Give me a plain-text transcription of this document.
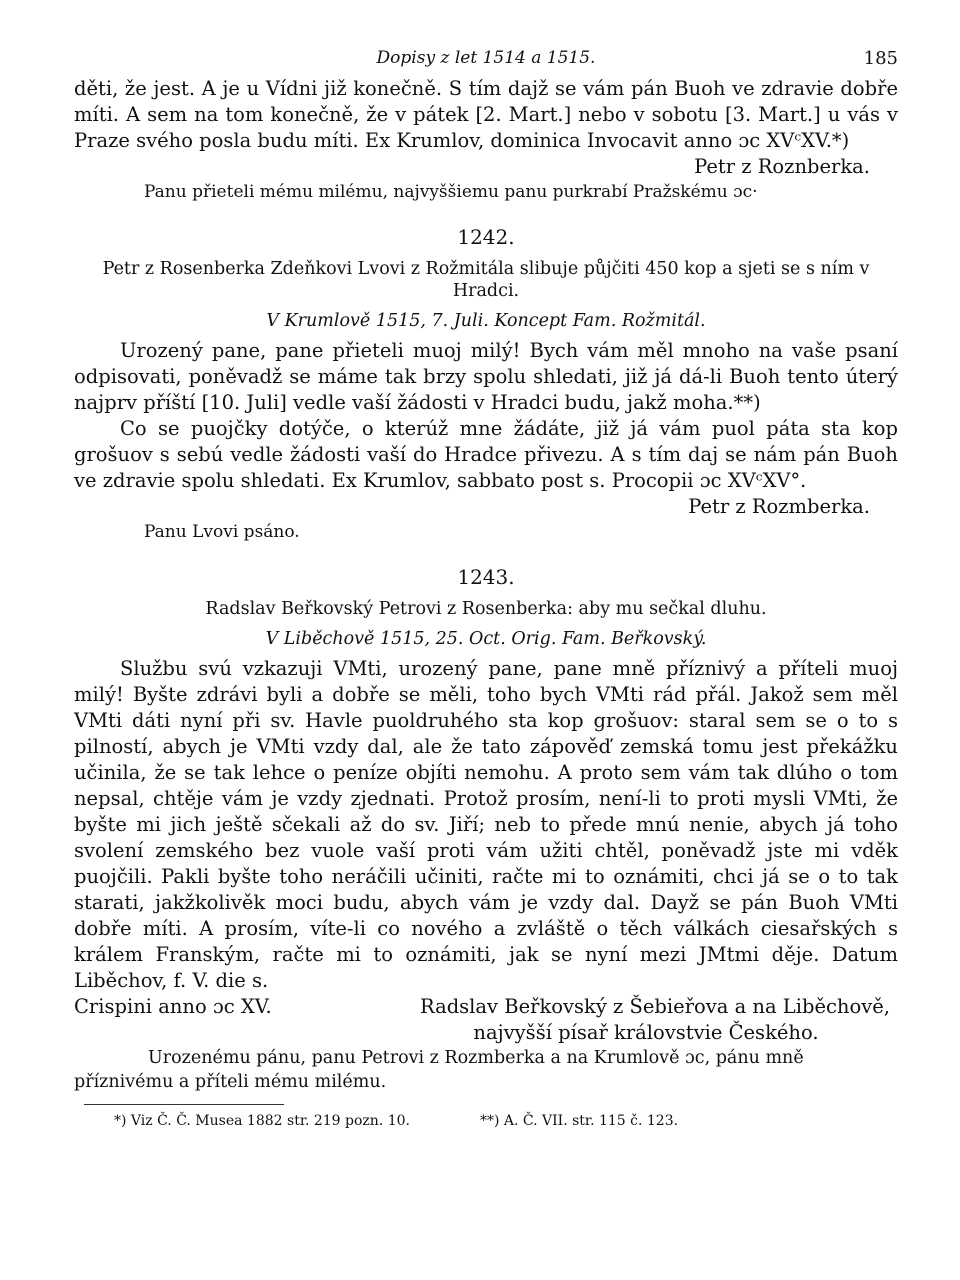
Dopisy z let 1514 a 1515.	185
děti, že jest. A je u Vídni již konečně. S tím dajž se vám pán Buoh ve zdravie dobře míti. A sem na tom konečně, že v pátek [2. Mart.] nebo v sobotu [3. Mart.] u vás v Praze svého posla budu míti. Ex Krumlov, dominica Invocavit anno ɔc XVᶜXV.*)
Petr z Roznberka.
Panu přieteli mému milému, najvyššiemu panu purkrabí Pražskému ɔc·
1242.
Petr z Rosenberka Zdeňkovi Lvovi z Rožmitála slibuje půjčiti 450 kop a sjeti se s ním v Hradci.
V Krumlově 1515, 7. Juli. Koncept Fam. Rožmitál.
Urozený pane, pane přieteli muoj milý! Bych vám měl mnoho na vaše psaní odpisovati, poněvadž se máme tak brzy spolu shledati, již já dá-li Buoh tento úterý najprv příští [10. Juli] vedle vaší žádosti v Hradci budu, jakž moha.**)
Co se puojčky dotýče, o kterúž mne žádáte, již já vám puol páta sta kop grošuov s sebú vedle žádosti vaší do Hradce přivezu. A s tím daj se nám pán Buoh ve zdravie spolu shledati. Ex Krumlov, sabbato post s. Procopii ɔc XVᶜXV°.
Petr z Rozmberka.
Panu Lvovi psáno.
1243.
Radslav Beřkovský Petrovi z Rosenberka: aby mu sečkal dluhu.
V Liběchově 1515, 25. Oct. Orig. Fam. Beřkovský.
Službu svú vzkazuji VMti, urozený pane, pane mně příznivý a příteli muoj milý! Byšte zdrávi byli a dobře se měli, toho bych VMti rád přál. Jakož sem měl VMti dáti nyní při sv. Havle puoldruhého sta kop grošuov: staral sem se o to s pilností, abych je VMti vzdy dal, ale že tato zápověď zemská tomu jest překážku učinila, že se tak lehce o peníze objíti nemohu. A proto sem vám tak dlúho o tom nepsal, chtěje vám je vzdy zjednati. Protož prosím, není-li to proti mysli VMti, že byšte mi jich ještě sčekali až do sv. Jiří; neb to přede mnú nenie, abych já toho svolení zemského bez vuole vaší proti vám užiti chtěl, poněvadž jste mi vděk puojčili. Pakli byšte toho neráčili učiniti, račte mi to oznámiti, chci já se o to tak starati, jakžkolivěk moci budu, abych vám je vzdy dal. Dayž se pán Buoh VMti dobře míti. A prosím, víte-li co nového a zvláště o těch válkách ciesařských s králem Franským, račte mi to oznámiti, jak se nyní mezi JMtmi děje. Datum Liběchov, f. V. die s.
Crispini anno ɔc XV.	Radslav Beřkovský z Šebieřova a na Liběchově,
najvyšší písař královstvie Českého.
Urozenému pánu, panu Petrovi z Rozmberka a na Krumlově ɔc, pánu mně příznivému a příteli mému milému.
*) Viz Č. Č. Musea 1882 str. 219 pozn. 10.	**) A. Č. VII. str. 115 č. 123.
